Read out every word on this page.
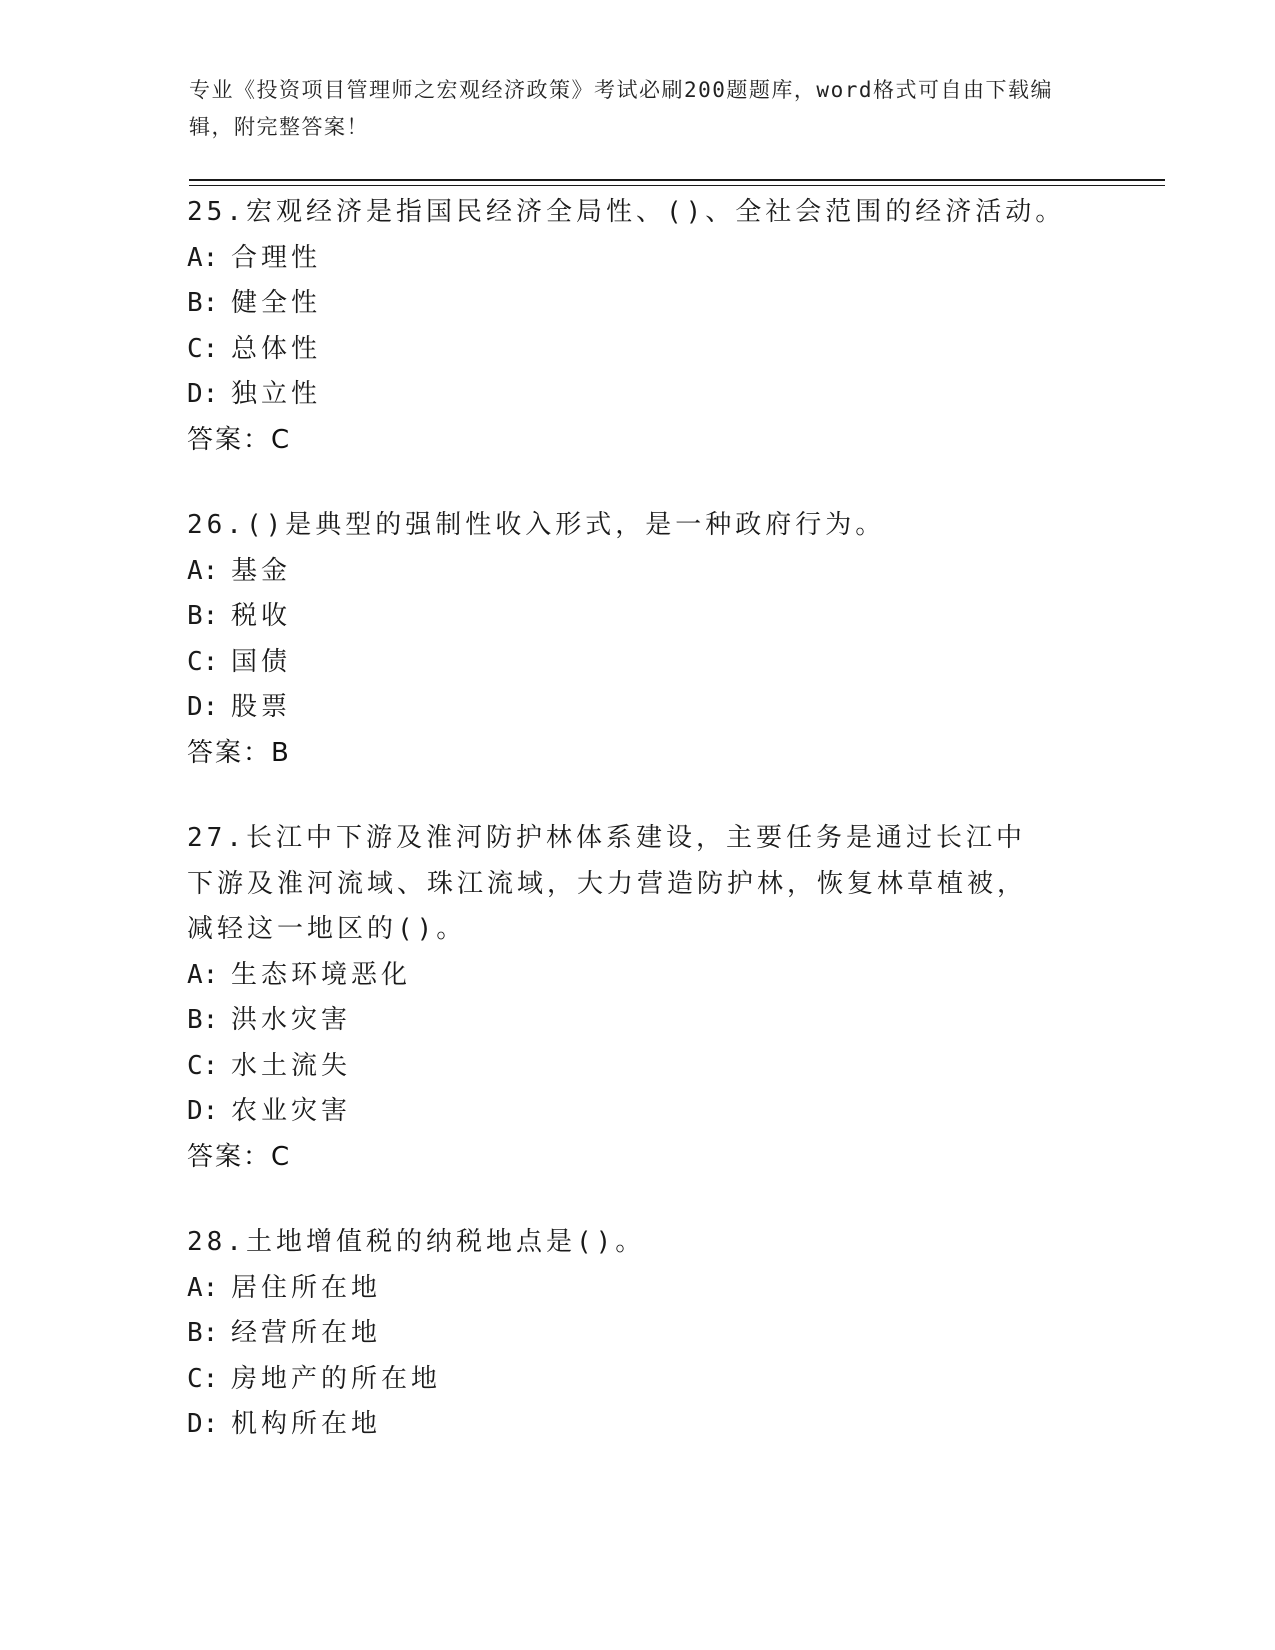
专业《投资项目管理师之宏观经济政策》考试必刷200题题库，word格式可自由下载编辑，附完整答案！
25.宏观经济是指国民经济全局性、()、全社会范围的经济活动。
A: 合理性
B: 健全性
C: 总体性
D: 独立性
答案：C
26.()是典型的强制性收入形式，是一种政府行为。
A: 基金
B: 税收
C: 国债
D: 股票
答案：B
27.长江中下游及淮河防护林体系建设，主要任务是通过长江中下游及淮河流域、珠江流域，大力营造防护林，恢复林草植被，减轻这一地区的()。
A: 生态环境恶化
B: 洪水灾害
C: 水土流失
D: 农业灾害
答案：C
28.土地增值税的纳税地点是()。
A: 居住所在地
B: 经营所在地
C: 房地产的所在地
D: 机构所在地
